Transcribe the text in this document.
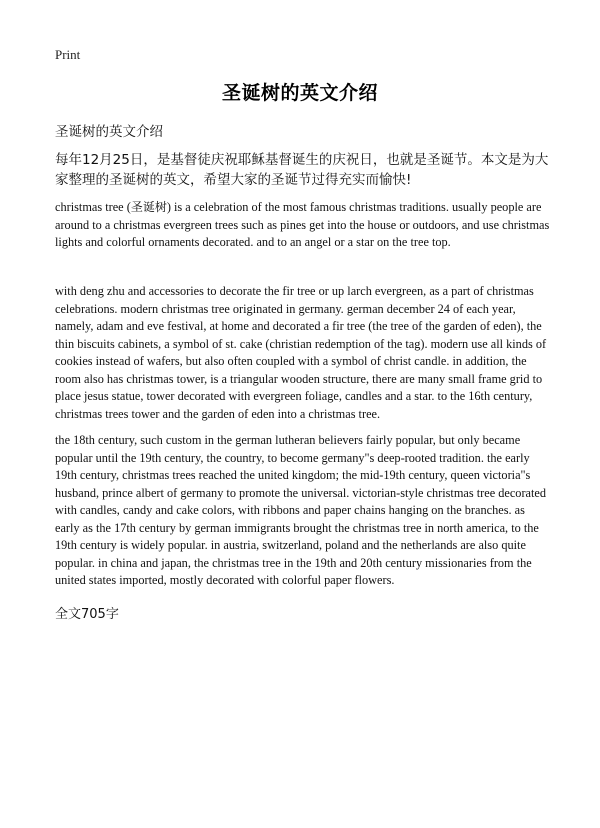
Print
圣诞树的英文介绍
圣诞树的英文介绍
每年12月25日，是基督徒庆祝耶稣基督诞生的庆祝日，也就是圣诞节。本文是为大家整理的圣诞树的英文，希望大家的圣诞节过得充实而愉快!
christmas tree (圣诞树) is a celebration of the most famous christmas traditions. usually people are around to a christmas evergreen trees such as pines get into the house or outdoors, and use christmas lights and colorful ornaments decorated. and to an angel or a star on the tree top.
with deng zhu and accessories to decorate the fir tree or up larch evergreen, as a part of christmas celebrations. modern christmas tree originated in germany. german december 24 of each year, namely, adam and eve festival, at home and decorated a fir tree (the tree of the garden of eden), the thin biscuits cabinets, a symbol of st. cake (christian redemption of the tag). modern use all kinds of cookies instead of wafers, but also often coupled with a symbol of christ candle. in addition, the room also has christmas tower, is a triangular wooden structure, there are many small frame grid to place jesus statue, tower decorated with evergreen foliage, candles and a star. to the 16th century, christmas trees tower and the garden of eden into a christmas tree.
the 18th century, such custom in the german lutheran believers fairly popular, but only became popular until the 19th century, the country, to become germany"s deep-rooted tradition. the early 19th century, christmas trees reached the united kingdom; the mid-19th century, queen victoria"s husband, prince albert of germany to promote the universal. victorian-style christmas tree decorated with candles, candy and cake colors, with ribbons and paper chains hanging on the branches. as early as the 17th century by german immigrants brought the christmas tree in north america, to the 19th century is widely popular. in austria, switzerland, poland and the netherlands are also quite popular. in china and japan, the christmas tree in the 19th and 20th century missionaries from the united states imported, mostly decorated with colorful paper flowers.
全文705字
